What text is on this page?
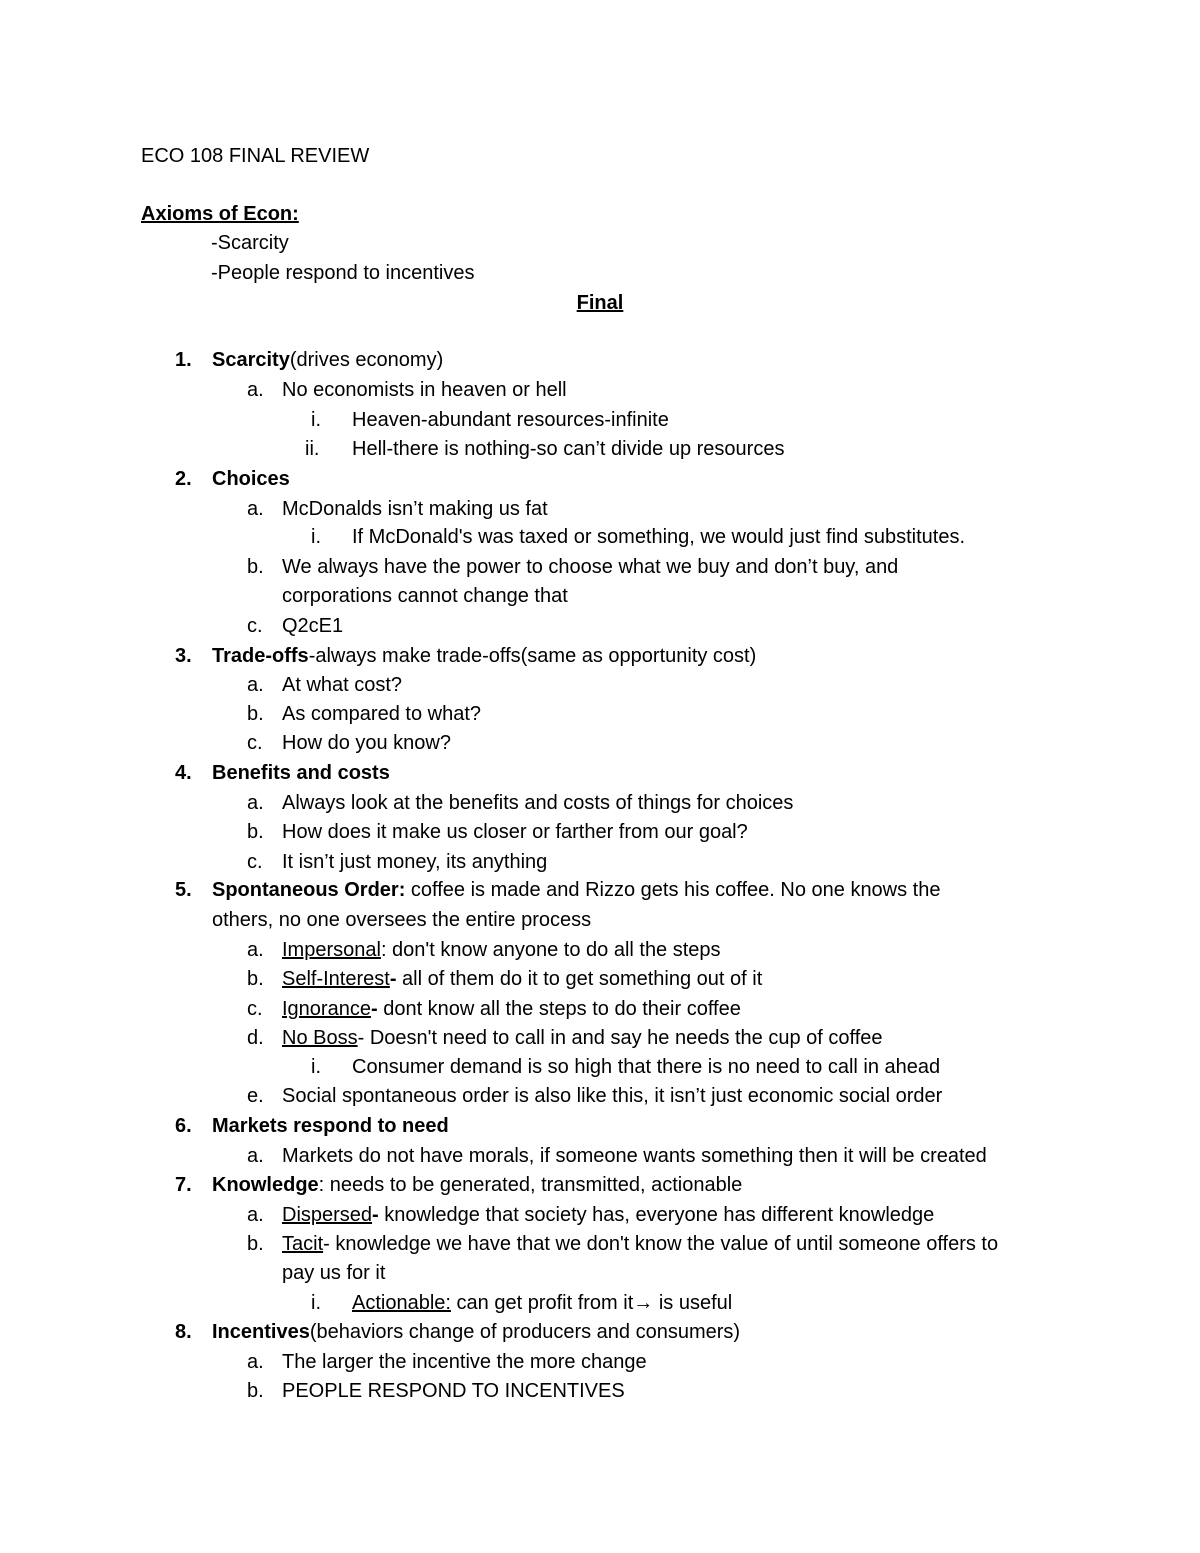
ECO 108 FINAL REVIEW
Axioms of Econ:
-Scarcity
-People respond to incentives
Final
1. Scarcity(drives economy)
a. No economists in heaven or hell
i. Heaven-abundant resources-infinite
ii. Hell-there is nothing-so can’t divide up resources
2. Choices
a. McDonalds isn’t making us fat
i. If McDonald's was taxed or something, we would just find substitutes.
b. We always have the power to choose what we buy and don’t buy, and
corporations cannot change that
c. Q2cE1
3. Trade-offs-always make trade-offs(same as opportunity cost)
a. At what cost?
b. As compared to what?
c. How do you know?
4. Benefits and costs
a. Always look at the benefits and costs of things for choices
b. How does it make us closer or farther from our goal?
c. It isn’t just money, its anything
5. Spontaneous Order: coffee is made and Rizzo gets his coffee. No one knows the
others, no one oversees the entire process
a. Impersonal: don't know anyone to do all the steps
b. Self-Interest- all of them do it to get something out of it
c. Ignorance- dont know all the steps to do their coffee
d. No Boss- Doesn't need to call in and say he needs the cup of coffee
i. Consumer demand is so high that there is no need to call in ahead
e. Social spontaneous order is also like this, it isn’t just economic social order
6. Markets respond to need
a. Markets do not have morals, if someone wants something then it will be created
7. Knowledge: needs to be generated, transmitted, actionable
a. Dispersed- knowledge that society has, everyone has different knowledge
b. Tacit- knowledge we have that we don't know the value of until someone offers to
pay us for it
i. Actionable: can get profit from it→ is useful
8. Incentives(behaviors change of producers and consumers)
a. The larger the incentive the more change
b. PEOPLE RESPOND TO INCENTIVES
